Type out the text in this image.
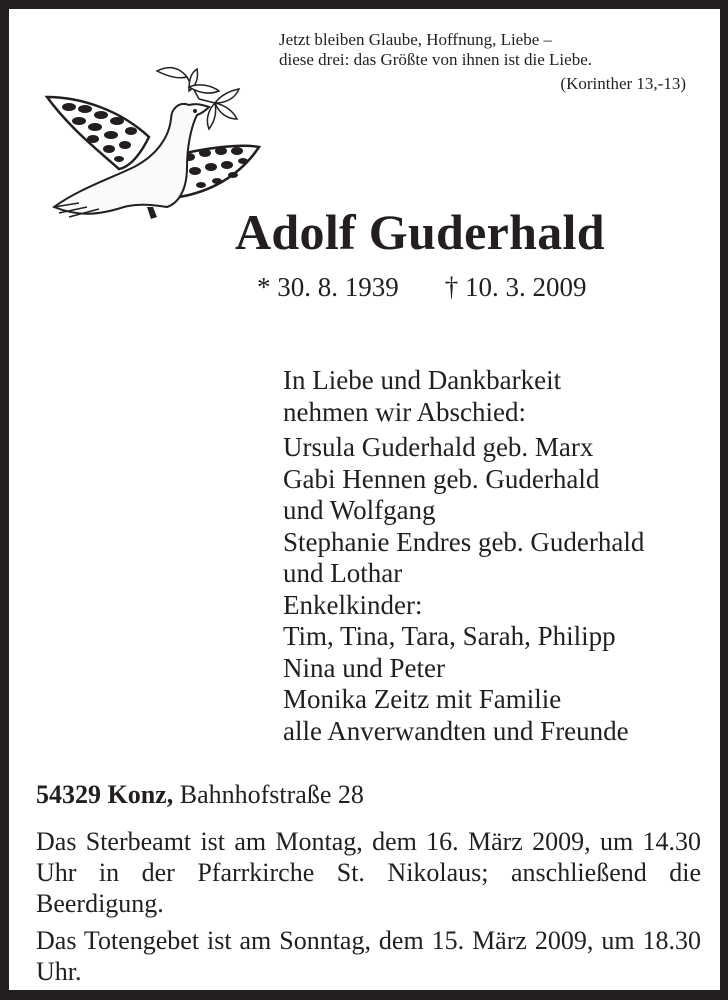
Jetzt bleiben Glaube, Hoffnung, Liebe –
diese drei: das Größte von ihnen ist die Liebe.
(Korinther 13,-13)
Adolf Guderhald
* 30. 8. 1939 † 10. 3. 2009
In Liebe und Dankbarkeit
nehmen wir Abschied:
Ursula Guderhald geb. Marx
Gabi Hennen geb. Guderhald
und Wolfgang
Stephanie Endres geb. Guderhald
und Lothar
Enkelkinder:
Tim, Tina, Tara, Sarah, Philipp
Nina und Peter
Monika Zeitz mit Familie
alle Anverwandten und Freunde
54329 Konz, Bahnhofstraße 28

Das Sterbeamt ist am Montag, dem 16. März 2009, um 14.30 Uhr in der Pfarrkirche St. Nikolaus; anschließend die Beerdigung.

Das Totengebet ist am Sonntag, dem 15. März 2009, um 18.30 Uhr.
